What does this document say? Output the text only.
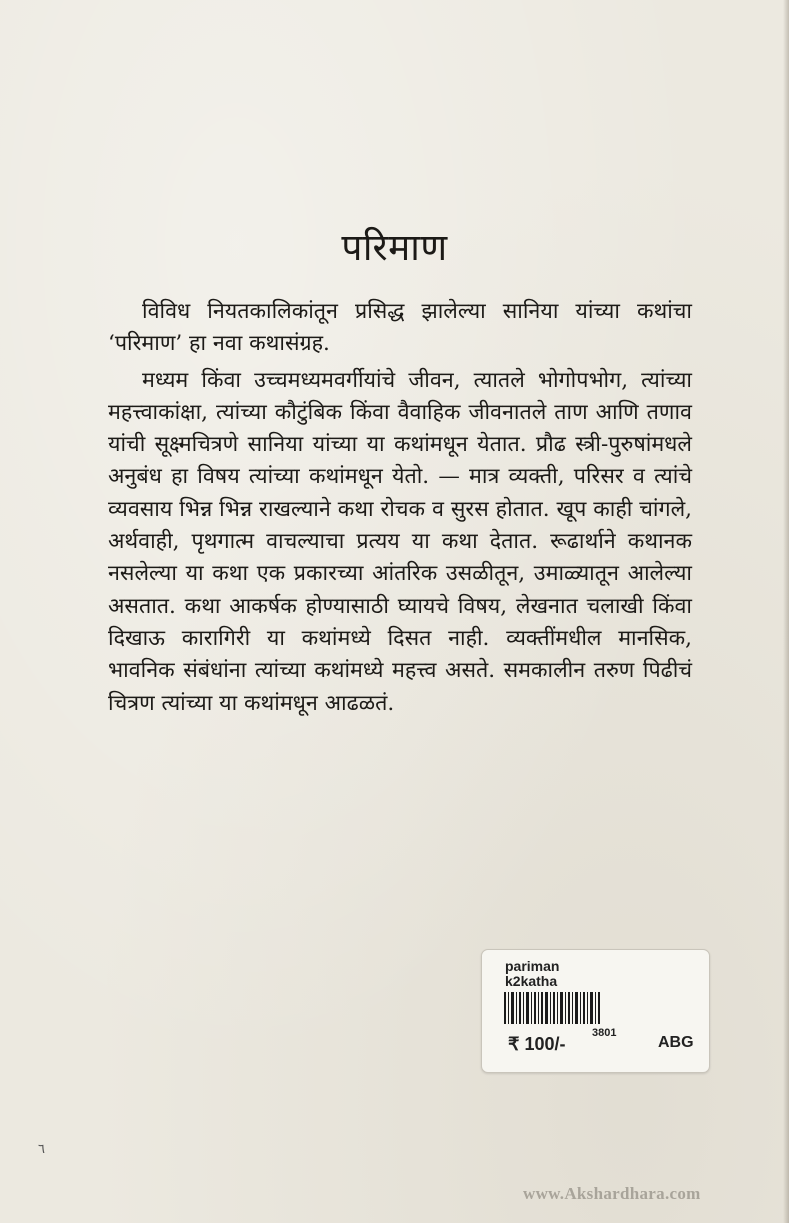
परिमाण

विविध नियतकालिकांतून प्रसिद्ध झालेल्या सानिया यांच्या कथांचा ‘परिमाण’ हा नवा कथासंग्रह.

मध्यम किंवा उच्चमध्यमवर्गीयांचे जीवन, त्यातले भोगोपभोग, त्यांच्या महत्त्वाकांक्षा, त्यांच्या कौटुंबिक किंवा वैवाहिक जीवनातले ताण आणि तणाव यांची सूक्ष्मचित्रणे सानिया यांच्या या कथांमधून येतात. प्रौढ स्त्री-पुरुषांमधले अनुबंध हा विषय त्यांच्या कथांमधून येतो. — मात्र व्यक्ती, परिसर व त्यांचे व्यवसाय भिन्न भिन्न राखल्याने कथा रोचक व सुरस होतात. खूप काही चांगले, अर्थवाही, पृथगात्म वाचल्याचा प्रत्यय या कथा देतात. रूढार्थाने कथानक नसलेल्या या कथा एक प्रकारच्या आंतरिक उसळीतून, उमाळ्यातून आलेल्या असतात. कथा आकर्षक होण्यासाठी घ्यायचे विषय, लेखनात चलाखी किंवा दिखाऊ कारागिरी या कथांमध्ये दिसत नाही. व्यक्तींमधील मानसिक, भावनिक संबंधांना त्यांच्या कथांमध्ये महत्त्व असते. समकालीन तरुण पिढीचं चित्रण त्यांच्या या कथांमधून आढळतं.

pariman
k2katha
₹ 100/-
3801
ABG
٦
www.Akshardhara.com
